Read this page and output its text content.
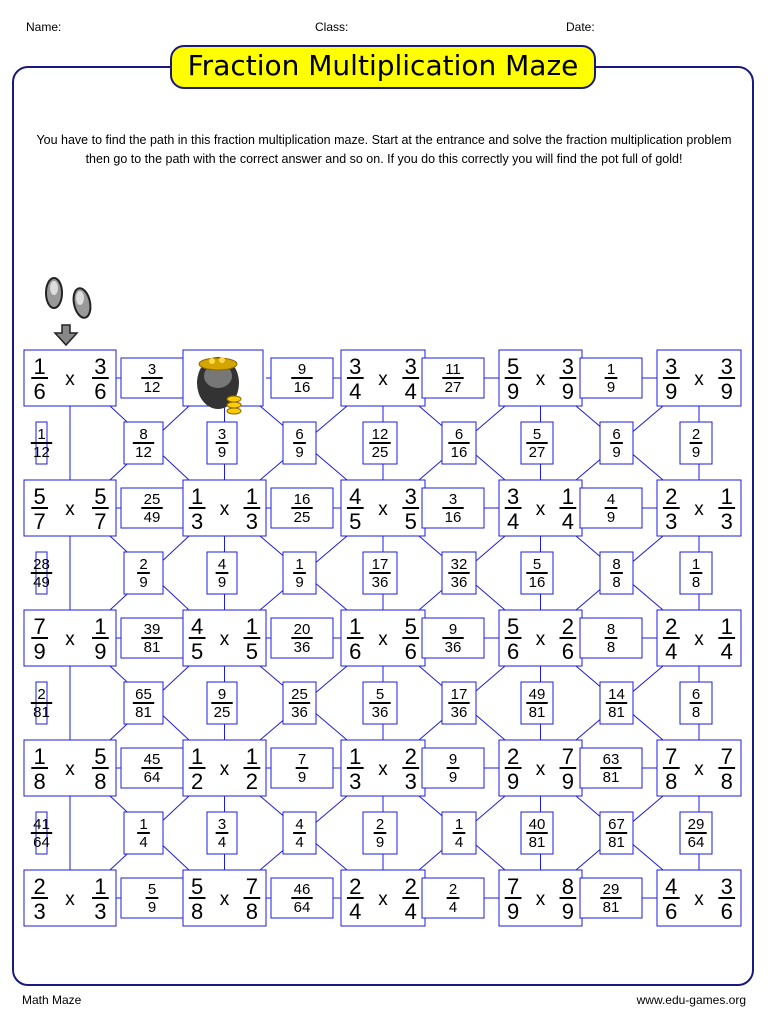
Name:	Class:	Date:
Fraction Multiplication Maze
You have to find the path in this fraction multiplication maze. Start at the entrance and solve the fraction multiplication problem then go to the path with the correct answer and so on. If you do this correctly you will find the pot full of gold!
1
6 x
3
6
3
4 x
3
4
5
9 x
3
9
3
9 x
3
9
3
12
9
16
11
27
1
9
1
12
8
12
3
9
6
9
12
25
6
16
5
27
6
9
2
9
5
7 x
5
7
1
3 x
1
3
4
5 x
3
5
3
4 x
1
4
2
3 x
1
3
25
49
16
25
3
16
4
9
28
49
2
9
4
9
1
9
17
36
32
36
5
16
8
8
1
8
7
9 x
1
9
4
5 x
1
5
1
6 x
5
6
5
6 x
2
6
2
4 x
1
4
39
81
20
36
9
36
8
8
2
81
65
81
9
25
25
36
5
36
17
36
49
81
14
81
6
8
1
8 x
5
8
1
2 x
1
2
1
3 x
2
3
2
9 x
7
9
7
8 x
7
8
45
64
7
9
9
9
63
81
41
64
1
4
3
4
4
4
2
9
1
4
40
81
67
81
29
64
2
3 x
1
3
5
8 x
7
8
2
4 x
2
4
7
9 x
8
9
4
6 x
3
6
5
9
46
64
2
4
29
81
Math Maze	www.edu-games.org
